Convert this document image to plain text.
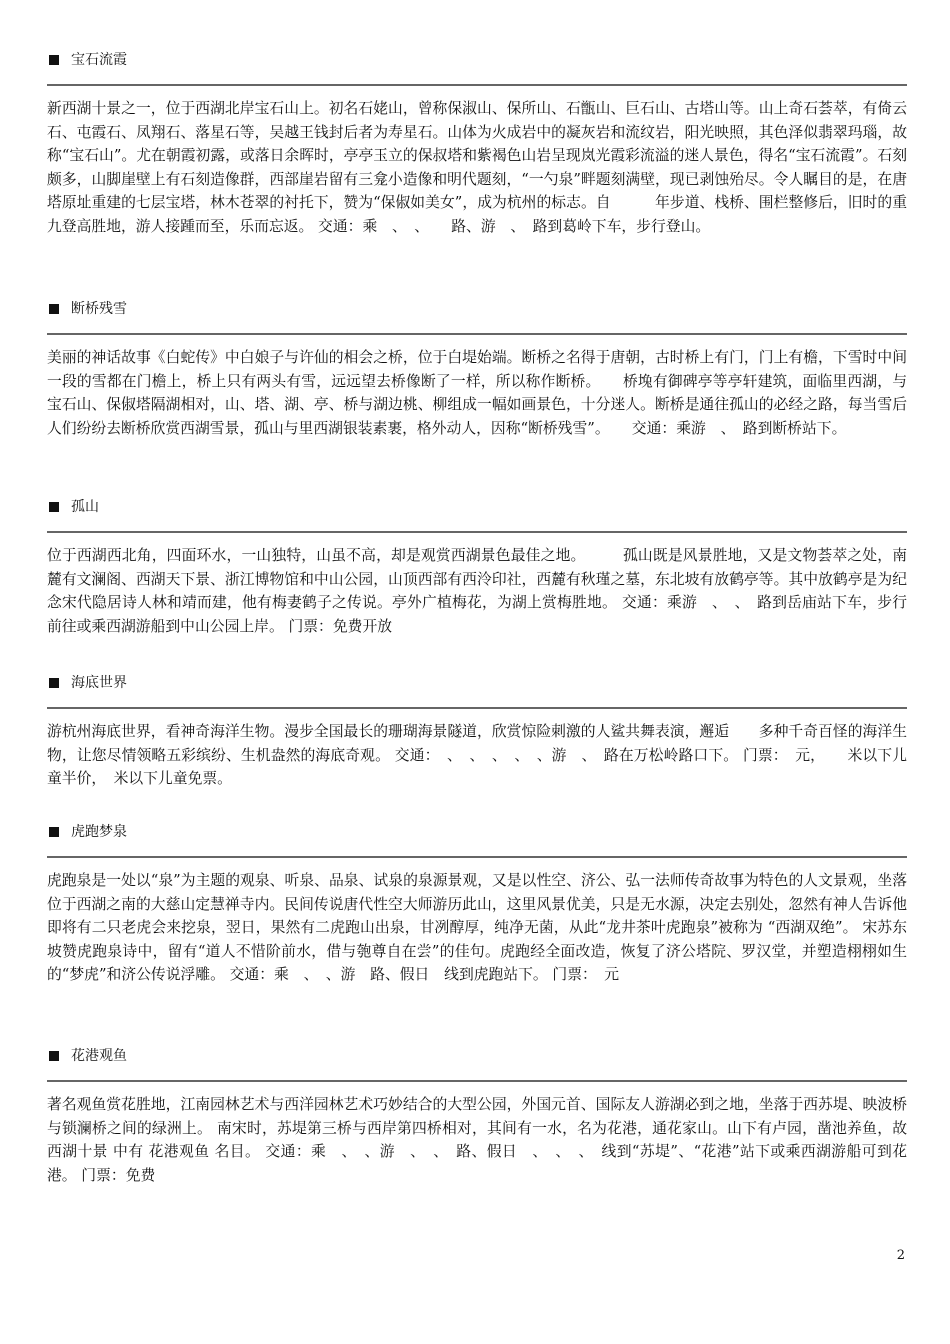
宝石流霞
新西湖十景之一，位于西湖北岸宝石山上。初名石姥山，曾称保淑山、保所山、石甑山、巨石山、古塔山等。山上奇石荟萃，有倚云石、屯霞石、凤翔石、落星石等，吴越王钱封后者为寿星石。山体为火成岩中的凝灰岩和流纹岩，阳光映照，其色泽似翡翠玛瑙，故称“宝石山”。尤在朝霞初露，或落日余晖时，亭亭玉立的保叔塔和紫褐色山岩呈现岚光霞彩流溢的迷人景色，得名“宝石流霞”。石刻颇多，山脚崖壁上有石刻造像群，西部崖岩留有三龛小造像和明代题刻，“一勺泉”畔题刻满壁，现已剥蚀殆尽。令人瞩目的是，在唐塔原址重建的七层宝塔，林木苍翠的衬托下，赞为“保俶如美女”，成为杭州的标志。自　　　年步道、栈桥、围栏整修后，旧时的重九登高胜地，游人接踵而至，乐而忘返。 交通：乘　、　、　　路、游　、　路到葛岭下车，步行登山。
断桥残雪
美丽的神话故事《白蛇传》中白娘子与许仙的相会之桥，位于白堤始端。断桥之名得于唐朝，古时桥上有门，门上有檐，下雪时中间一段的雪都在门檐上，桥上只有两头有雪，远远望去桥像断了一样，所以称作断桥。　　桥堍有御碑亭等亭轩建筑，面临里西湖，与宝石山、保俶塔隔湖相对，山、塔、湖、亭、桥与湖边桃、柳组成一幅如画景色，十分迷人。断桥是通往孤山的必经之路，每当雪后人们纷纷去断桥欣赏西湖雪景，孤山与里西湖银装素裹，格外动人，因称“断桥残雪”。　　交通：乘游　、　路到断桥站下。
孤山
位于西湖西北角，四面环水，一山独特，山虽不高，却是观赏西湖景色最佳之地。　　　孤山既是风景胜地，又是文物荟萃之处，南麓有文澜阁、西湖天下景、浙江博物馆和中山公园，山顶西部有西泠印社，西麓有秋瑾之墓，东北坡有放鹤亭等。其中放鹤亭是为纪念宋代隐居诗人林和靖而建，他有梅妻鹤子之传说。亭外广植梅花，为湖上赏梅胜地。 交通：乘游　、　、　路到岳庙站下车，步行前往或乘西湖游船到中山公园上岸。 门票：免费开放
海底世界
游杭州海底世界，看神奇海洋生物。漫步全国最长的珊瑚海景隧道，欣赏惊险刺激的人鲨共舞表演，邂逅　　多种千奇百怪的海洋生物，让您尽情领略五彩缤纷、生机盎然的海底奇观。 交通：　、　、　、　、　、游　、　路在万松岭路口下。 门票：　元，　　米以下儿童半价，　米以下儿童免票。
虎跑梦泉
虎跑泉是一处以“泉”为主题的观泉、听泉、品泉、试泉的泉源景观，又是以性空、济公、弘一法师传奇故事为特色的人文景观，坐落位于西湖之南的大慈山定慧禅寺内。民间传说唐代性空大师游历此山，这里风景优美，只是无水源，决定去别处，忽然有神人告诉他即将有二只老虎会来挖泉，翌日，果然有二虎跑山出泉，甘冽醇厚，纯净无菌，从此“龙井茶叶虎跑泉”被称为 “西湖双绝”。 宋苏东坡赞虎跑泉诗中，留有“道人不惜阶前水，借与匏尊自在尝”的佳句。虎跑经全面改造，恢复了济公塔院、罗汉堂，并塑造栩栩如生的“梦虎”和济公传说浮雕。 交通：乘　、　、游　路、假日　线到虎跑站下。 门票：　元
花港观鱼
著名观鱼赏花胜地，江南园林艺术与西洋园林艺术巧妙结合的大型公园，外国元首、国际友人游湖必到之地，坐落于西苏堤、映波桥与锁澜桥之间的绿洲上。 南宋时，苏堤第三桥与西岸第四桥相对，其间有一水，名为花港，通花家山。山下有卢园，凿池养鱼，故 西湖十景 中有 花港观鱼 名目。 交通：乘　、　、游　、　、　路、假日　、　、　、　线到“苏堤”、“花港”站下或乘西湖游船可到花港。 门票：免费
2
